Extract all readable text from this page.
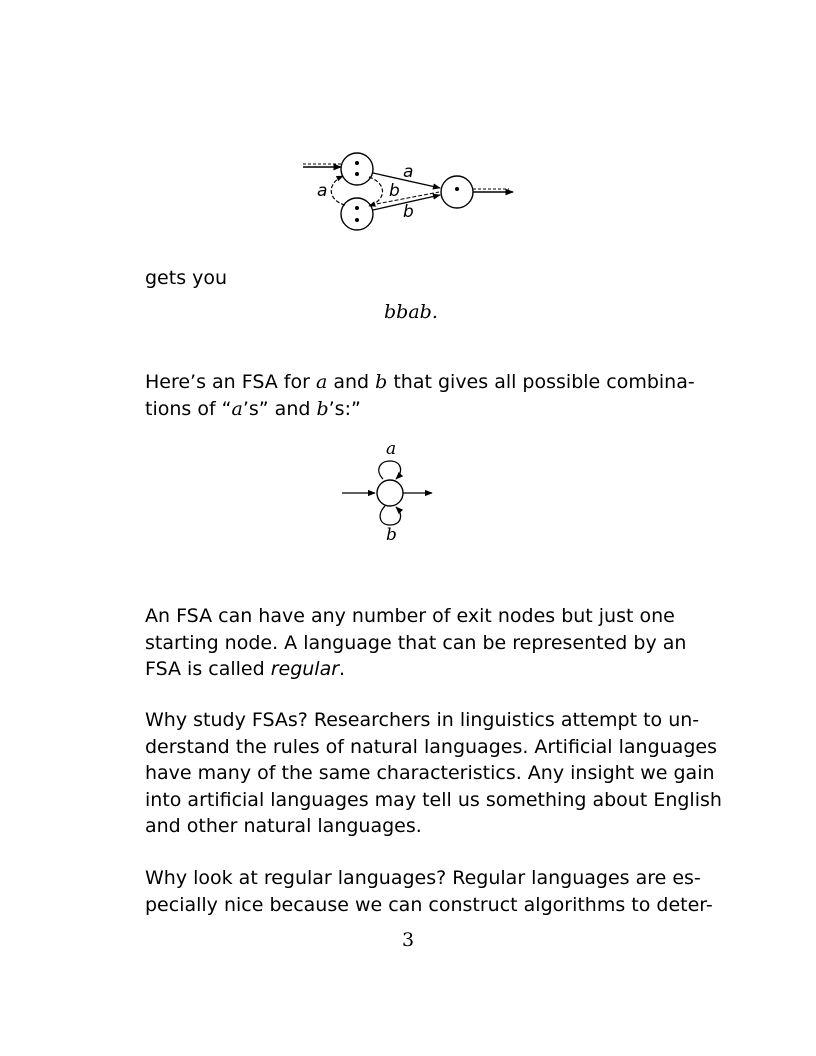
a
a	b
b
gets you
bbab.
Here’s an FSA for a and b that gives all possible combina-
tions of “a’s” and b’s:”
a
b
An FSA can have any number of exit nodes but just one
starting node. A language that can be represented by an
FSA is called regular.
Why study FSAs? Researchers in linguistics attempt to un-
derstand the rules of natural languages. Artificial languages
have many of the same characteristics. Any insight we gain
into artificial languages may tell us something about English
and other natural languages.
Why look at regular languages? Regular languages are es-
pecially nice because we can construct algorithms to deter-
3
